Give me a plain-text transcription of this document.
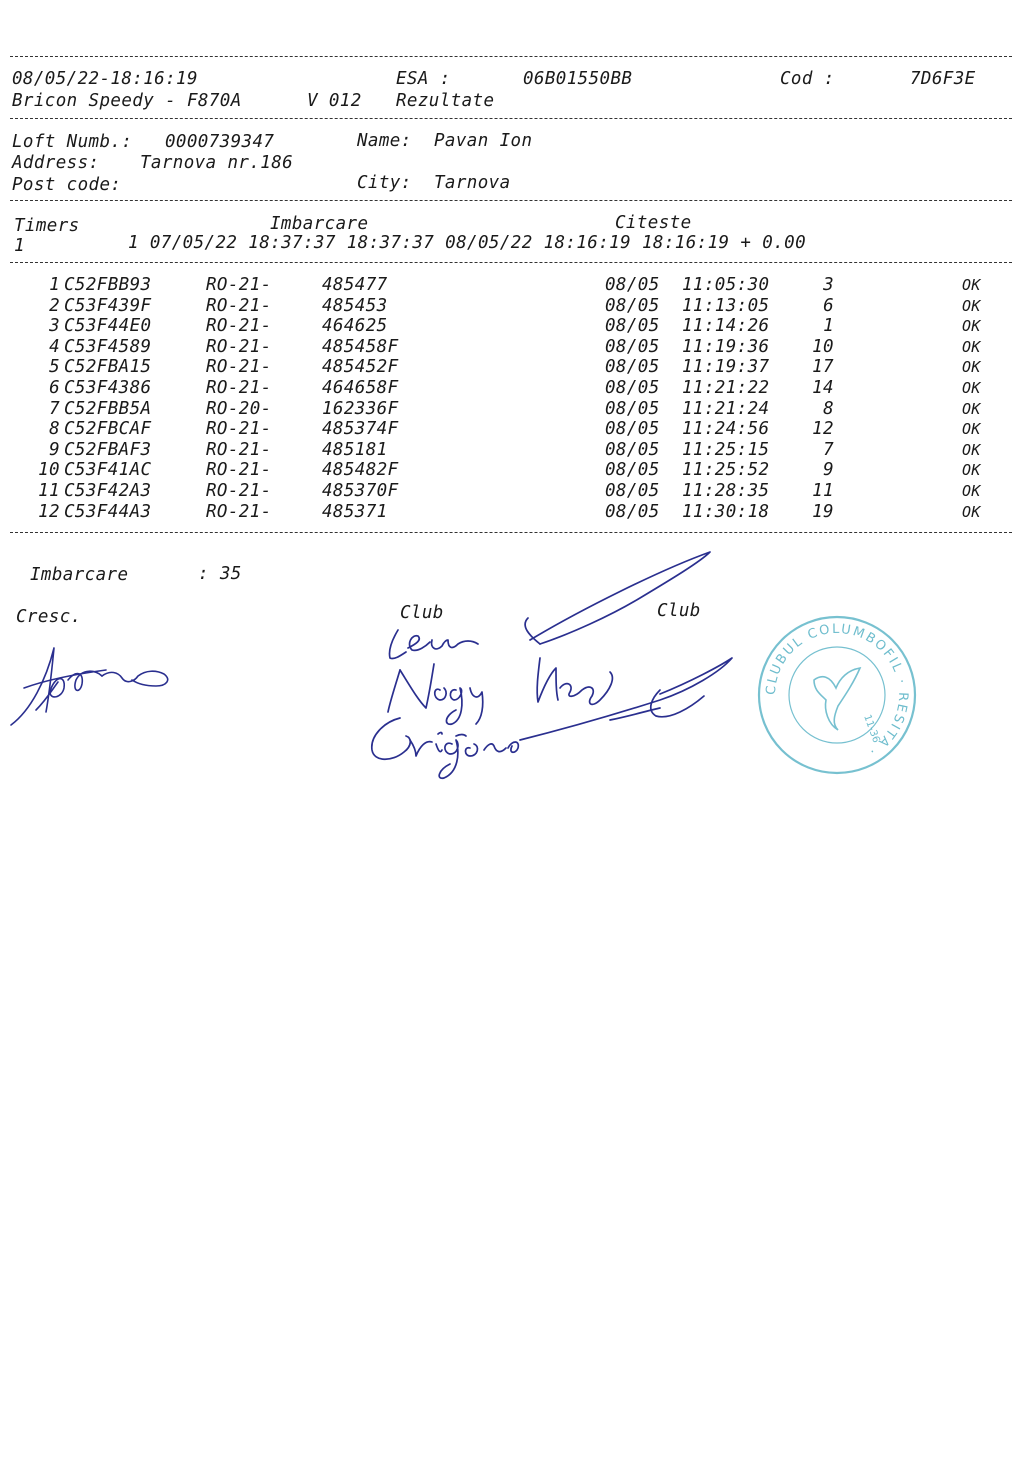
08/05/22-18:16:19	ESA :	06B01550BB	Cod :	7D6F3E
Bricon Speedy - F870A	V 012 Rezultate
Loft Numb.: 0000739347	Name: Pavan Ion
Address: Tarnova nr.186
Post code:	City: Tarnova
Timers	Imbarcare	Citeste
1	1 07/05/22 18:37:37 18:37:37 08/05/22 18:16:19 18:16:19 + 0.00
1 C52FBB93	RO-21-	485477	08/05 11:05:30	3	OK
2 C53F439F	RO-21-	485453	08/05 11:13:05	6	OK
3 C53F44E0	RO-21-	464625	08/05 11:14:26	1	OK
4 C53F4589	RO-21-	485458F	08/05 11:19:36 10	OK
5 C52FBA15	RO-21-	485452F	08/05 11:19:37 17	OK
6 C53F4386	RO-21-	464658F	08/05 11:21:22 14	OK
7 C52FBB5A	RO-20-	162336F	08/05 11:21:24	8	OK
8 C52FBCAF	RO-21-	485374F	08/05 11:24:56 12	OK
9 C52FBAF3	RO-21-	485181	08/05 11:25:15	7	OK
10 C53F41AC	RO-21-	485482F	08/05 11:25:52	9	OK
11 C53F42A3	RO-21-	485370F	08/05 11:28:35 11	OK
12 C53F44A3	RO-21-	485371	08/05 11:30:18 19	OK
Imbarcare	: 35
Cresc.	Club	Club
CLUBUL COLUMBOFIL · RESITA ·
11-36
